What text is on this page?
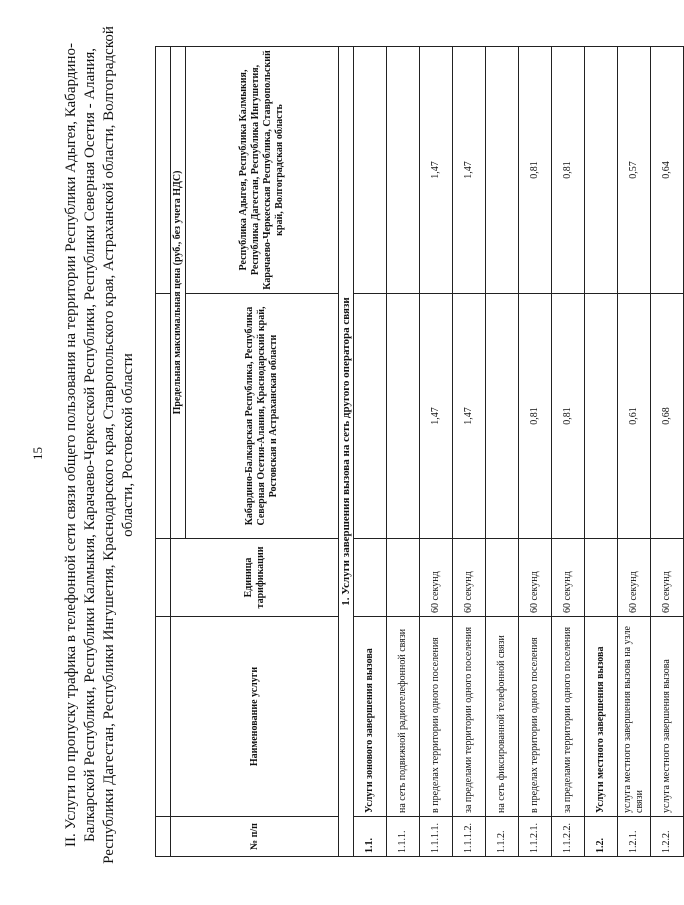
15 II. Услуги по пропуску трафика в телефонной сети связи общего пользования на территории Республики Адыгея, Кабардино-Балкарской Республики, Республики Калмыкия, Карачаево-Черкесской Республики, Республики Северная Осетия - Алания, Республики Дагестан, Республики Ингушетия, Краснодарского края, Ставропольского края, Астраханской области, Волгоградской области, Ростовской области

№ п/п	Наименование услуги	Единица тарификации	Предельная максимальная цена (руб., без учета НДС)	
			Кабардино-Балкарская Республика, Республика Северная Осетия-Алания, Краснодарский край, Ростовская и Астраханская области	Республика Адыгея, Республика Калмыкия, Республика Дагестан, Республика Ингушетия, Карачаево-Черкесская Республика, Ставропольский край, Волгоградская область
1. Услуги завершения вызова на сеть другого оператора связи				
1.1.	Услуги зонового завершения вызова			
1.1.1.	на сеть подвижной радиотелефонной связи			
1.1.1.1.	в пределах территории одного поселения	60 секунд	1,47	1,47
1.1.1.2.	за пределами территории одного поселения	60 секунд	1,47	1,47
1.1.2.	на сеть фиксированной телефонной связи			
1.1.2.1.	в пределах территории одного поселения	60 секунд	0,81	0,81
1.1.2.2.	за пределами территории одного поселения	60 секунд	0,81	0,81
1.2.	Услуги местного завершения вызова			
1.2.1.	услуга местного завершения вызова на узле связи	60 секунд	0,61	0,57
1.2.2.	услуга местного завершения вызова	60 секунд	0,68	0,64
